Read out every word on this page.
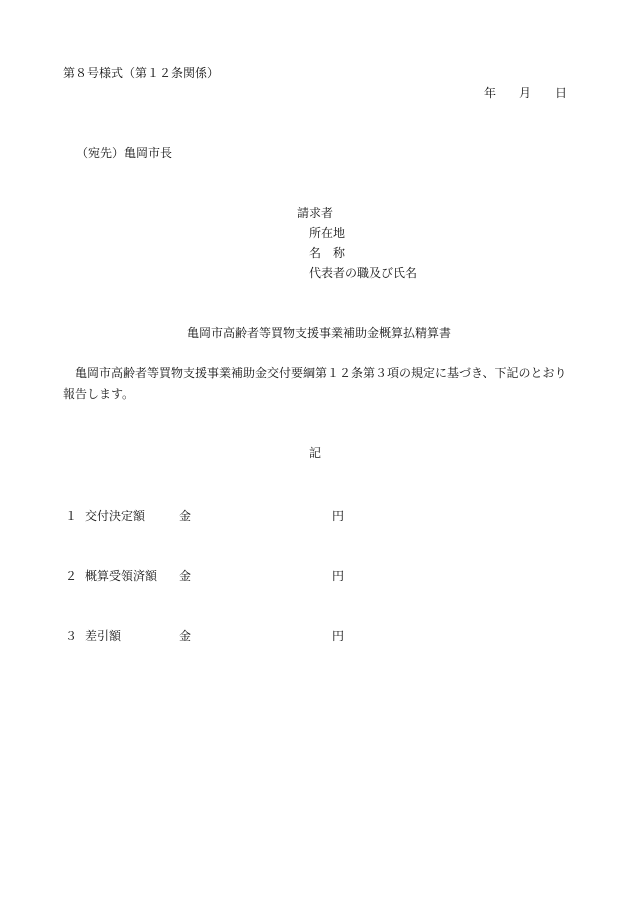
第８号様式（第１２条関係）
年 月 日
（宛先）亀岡市長
請求者
所在地
名　称
代表者の職及び氏名
亀岡市高齢者等買物支援事業補助金概算払精算書
亀岡市高齢者等買物支援事業補助金交付要綱第１２条第３項の規定に基づき、下記のとおり報告します。
記
１ 交付決定額	金	円
２ 概算受領済額 金	円
３ 差引額	金	円
